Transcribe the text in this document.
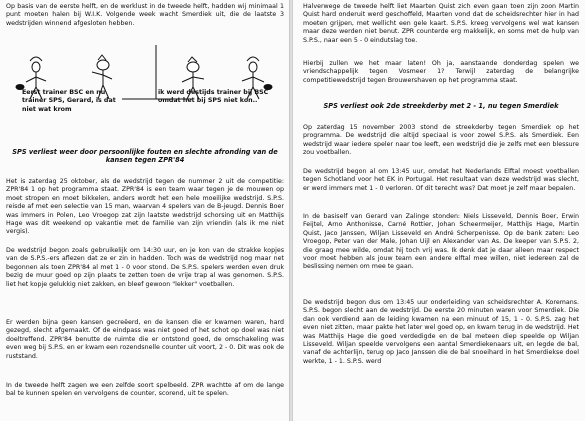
Op basis van de eerste helft, en de werklust in de tweede helft, hadden wij minimaal 1 punt moeten halen bij W.I.K. Volgende week wacht Smerdiek uit, die de laatste 3 wedstrijden winnend afgesloten hebben.

Eerst trainer BSC en nu trainer SPS, Gerard, is dat niet wat krom

ik werd destijds trainer bij BSC omdat het bij SPS niet kon..

SPS verliest weer door persoonlijke fouten en slechte afronding van de kansen tegen ZPR'84

Het is zaterdag 25 oktober, als de wedstrijd tegen de nummer 2 uit de competitie: ZPR'84 1 op het programma staat. ZPR'84 is een team waar tegen je de mouwen op moet stropen en moet bikkelen, anders wordt het een hele moeilijke wedstrijd. S.P.S. reisde af met een selectie van 15 man, waarvan 4 spelers van de B-jeugd. Dennis Boer was immers in Polen, Leo Vroegop zat zijn laatste wedstrijd schorsing uit en Matthijs Hage was dit weekend op vakantie met de familie van zijn vriendin (als ik me niet vergis).

De wedstrijd begon zoals gebruikelijk om 14:30 uur, en je kon van de strakke kopjes van de S.P.S.-ers aflezen dat ze er zin in hadden. Toch was de wedstrijd nog maar net begonnen als toen ZPR'84 al met 1 - 0 voor stond. De S.P.S. spelers werden even druk bezig de muur goed op zijn plaats te zetten toen de vrije trap al was genomen. S.P.S. liet het kopje gelukkig niet zakken, en bleef gewoon "lekker" voetballen.

Er werden bijna geen kansen gecreëerd, en de kansen die er kwamen waren, hard gezegd, slecht afgemaakt. Of de eindpass was niet goed of het schot op doel was niet doeltreffend. ZPR'84 benutte de ruimte die er ontstond goed, de omschakeling was even weg bij S.P.S. en er kwam een rozendsnelle counter uit voort, 2 - 0. Dit was ook de ruststand.

In de tweede helft zagen we een zelfde soort spelbeeld. ZPR wachtte af om de lange bal te kunnen spelen en vervolgens de counter, scorend, uit te spelen.

Halverwege de tweede helft liet Maarten Quist zich even gaan toen zijn zoon Martin Quist hard onderuit werd geschoffeld, Maarten vond dat de scheidsrechter hier in had moeten grijpen, met wellicht een gele kaart. S.P.S. kreeg vervolgens wel wat kansen maar deze werden niet benut. ZPR counterde erg makkelijk, en soms met de hulp van S.P.S., naar een 5 - 0 eindutslag toe.

Hierbij zullen we het maar laten! Oh ja, aanstaande donderdag spelen we vriendschappelijk tegen Vosmeer 1? Terwijl zaterdag de belangrijke competitiewedstrijd tegen Brouwershaven op het programma staat.

SPS verliest ook 2de streekderby met 2 - 1, nu tegen Smerdiek

Op zaterdag 15 november 2003 stond de streekderby tegen Smerdiek op het programma. De wedstrijd die altijd speciaal is voor zowel S.P.S. als Smerdiek. Een wedstrijd waar iedere speler naar toe leeft, een wedstrijd die je zelfs met een blessure zou voetballen.

De wedstrijd begon al om 13:45 uur, omdat het Nederlands Elftal moest voetballen tegen Schotland voor het EK in Portugal. Het resultaat van deze wedstrijd was slecht, er werd immers met 1 - 0 verloren. Of dit terecht was? Dat moet je zelf maar bepalen.

In de basiself van Gerard van Zalinge stonden: Niels Lisseveld, Dennis Boer, Erwin Feijtel, Arno Anthonisse, Carné Rottier, Johan Scheermeijer, Matthijs Hage, Martin Quist, Jaco Janssen, Wiljan Lisseveld en André Scherpenisse. Op de bank zaten: Leo Vroegop, Peter van der Male, Johan Uijl en Alexander van As. De keeper van S.P.S. 2, die graag mee wilde, omdat hij toch vrij was. Ik denk dat je daar alleen maar respect voor moet hebben als jouw team een andere elftal mee willen, niet iedereen zal de beslissing nemen om mee te gaan.

De wedstrijd begon dus om 13:45 uur onderleiding van scheidsrechter A. Koremans. S.P.S. begon slecht aan de wedstrijd. De eerste 20 minuten waren voor Smerdiek. Die dan ook verdiend aan de leiding kwamen na een minuut of 15, 1 - 0. S.P.S. zag het even niet zitten, maar pakte het later wel goed op, en kwam terug in de wedstrijd. Het was Matthijs Hage die goed verdedigde en de bal meteen diep speelde op Wiljan Lisseveld. Wiljan speelde vervolgens een aantal Smerdiekenaars uit, en legde de bal, vanaf de achterlijn, terug op Jaco Janssen die de bal snoeihard in het Smerdiekse doel werkte, 1 - 1. S.P.S. werd
